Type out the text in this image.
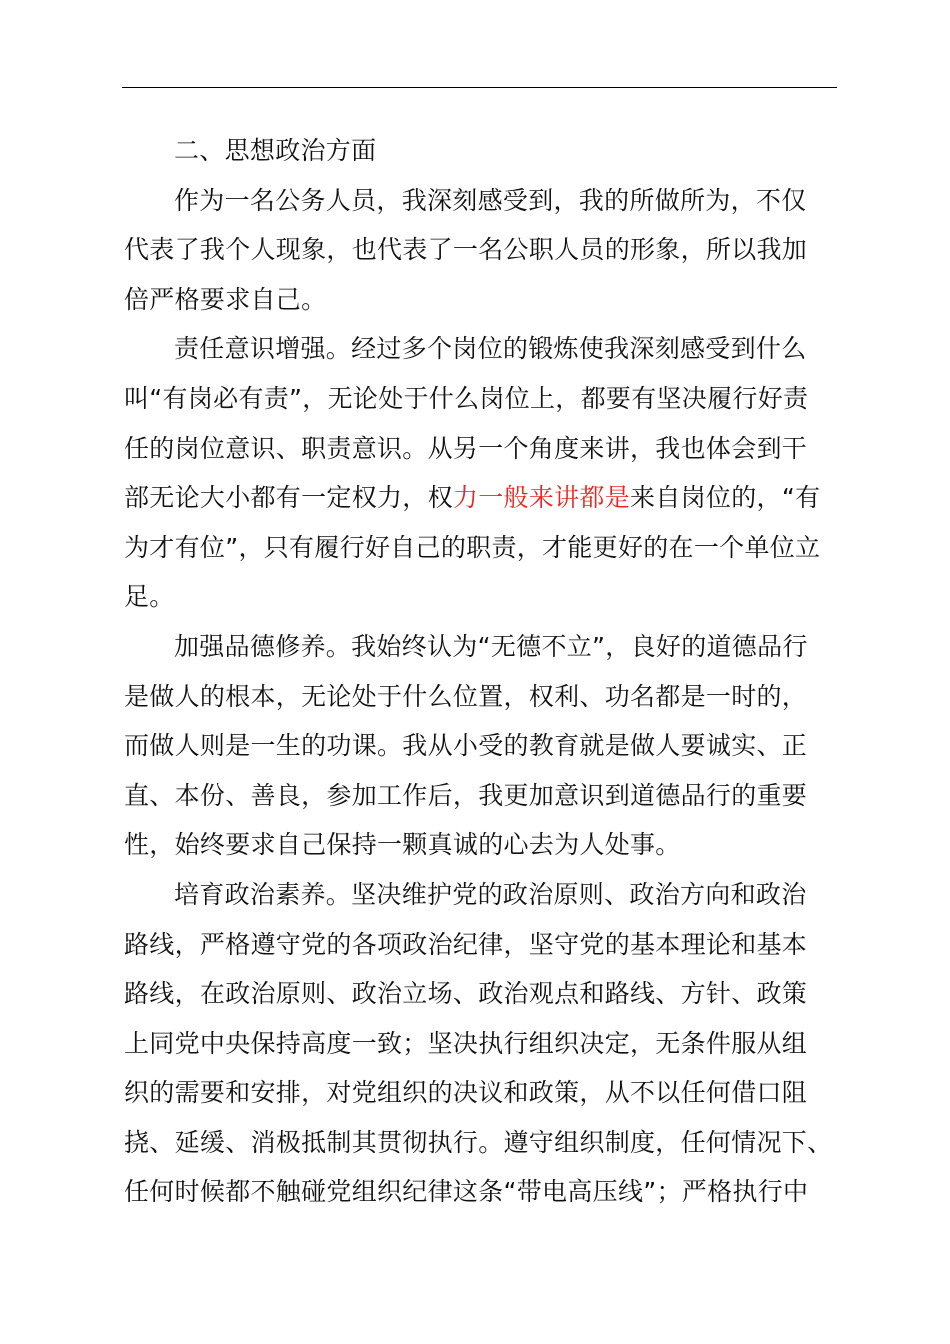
二、思想政治方面
作为一名公务人员，我深刻感受到，我的所做所为，不仅
代表了我个人现象，也代表了一名公职人员的形象，所以我加
倍严格要求自己。
责任意识增强。经过多个岗位的锻炼使我深刻感受到什么
叫“有岗必有责”，无论处于什么岗位上，都要有坚决履行好责
任的岗位意识、职责意识。从另一个角度来讲，我也体会到干
部无论大小都有一定权力，权力一般来讲都是来自岗位的，“有
为才有位”，只有履行好自己的职责，才能更好的在一个单位立
足。
加强品德修养。我始终认为“无德不立”，良好的道德品行
是做人的根本，无论处于什么位置，权利、功名都是一时的，
而做人则是一生的功课。我从小受的教育就是做人要诚实、正
直、本份、善良，参加工作后，我更加意识到道德品行的重要
性，始终要求自己保持一颗真诚的心去为人处事。
培育政治素养。坚决维护党的政治原则、政治方向和政治
路线，严格遵守党的各项政治纪律，坚守党的基本理论和基本
路线，在政治原则、政治立场、政治观点和路线、方针、政策
上同党中央保持高度一致；坚决执行组织决定，无条件服从组
织的需要和安排，对党组织的决议和政策，从不以任何借口阻
挠、延缓、消极抵制其贯彻执行。遵守组织制度，任何情况下、
任何时候都不触碰党组织纪律这条“带电高压线”；严格执行中
